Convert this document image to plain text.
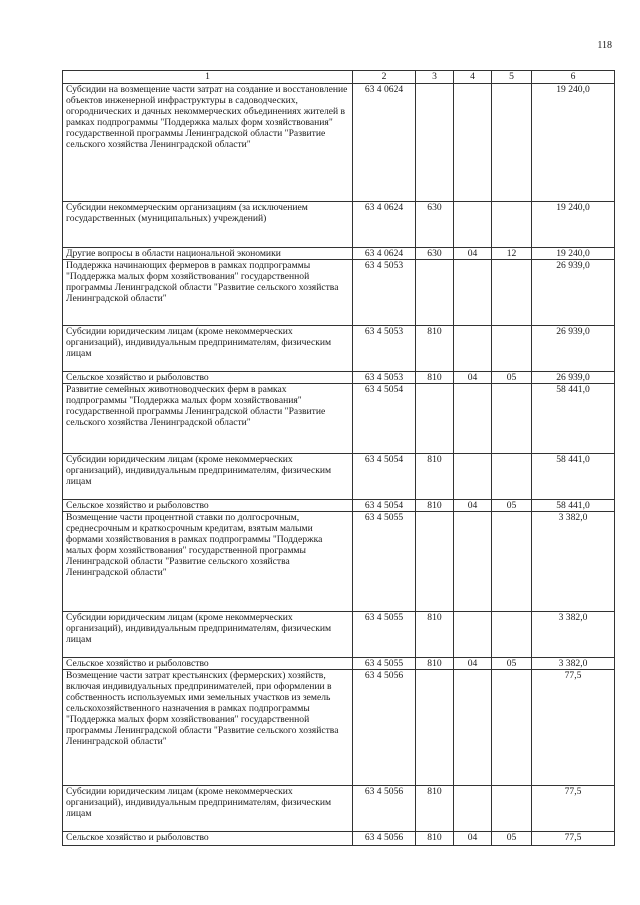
118
1	2	3	4	5	6
Субсидии на возмещение части затрат на создание и восстановление объектов инженерной инфраструктуры в садоводческих, огороднических и дачных некоммерческих объединениях жителей в рамках подпрограммы "Поддержка малых форм хозяйствования" государственной программы Ленинградской области "Развитие сельского хозяйства Ленинградской области"	63 4 0624				19 240,0
Субсидии некоммерческим организациям (за исключением государственных (муниципальных) учреждений)	63 4 0624	630			19 240,0
Другие вопросы в области национальной экономики	63 4 0624	630	04	12	19 240,0
Поддержка начинающих фермеров в рамках подпрограммы "Поддержка малых форм хозяйствования" государственной программы Ленинградской области "Развитие сельского хозяйства Ленинградской области"	63 4 5053				26 939,0
Субсидии юридическим лицам (кроме некоммерческих организаций), индивидуальным предпринимателям, физическим лицам	63 4 5053	810			26 939,0
Сельское хозяйство и рыболовство	63 4 5053	810	04	05	26 939,0
Развитие семейных животноводческих ферм в рамках подпрограммы "Поддержка малых форм хозяйствования" государственной программы Ленинградской области "Развитие сельского хозяйства Ленинградской области"	63 4 5054				58 441,0
Субсидии юридическим лицам (кроме некоммерческих организаций), индивидуальным предпринимателям, физическим лицам	63 4 5054	810			58 441,0
Сельское хозяйство и рыболовство	63 4 5054	810	04	05	58 441,0
Возмещение части процентной ставки по долгосрочным, среднесрочным и краткосрочным кредитам, взятым малыми формами хозяйствования в рамках подпрограммы "Поддержка малых форм хозяйствования" государственной программы Ленинградской области "Развитие сельского хозяйства Ленинградской области"	63 4 5055				3 382,0
Субсидии юридическим лицам (кроме некоммерческих организаций), индивидуальным предпринимателям, физическим лицам	63 4 5055	810			3 382,0
Сельское хозяйство и рыболовство	63 4 5055	810	04	05	3 382,0
Возмещение части затрат крестьянских (фермерских) хозяйств, включая индивидуальных предпринимателей, при оформлении в собственность используемых ими земельных участков из земель сельскохозяйственного назначения в рамках подпрограммы "Поддержка малых форм хозяйствования" государственной программы Ленинградской области "Развитие сельского хозяйства Ленинградской области"	63 4 5056				77,5
Субсидии юридическим лицам (кроме некоммерческих организаций), индивидуальным предпринимателям, физическим лицам	63 4 5056	810			77,5
Сельское хозяйство и рыболовство	63 4 5056	810	04	05	77,5
